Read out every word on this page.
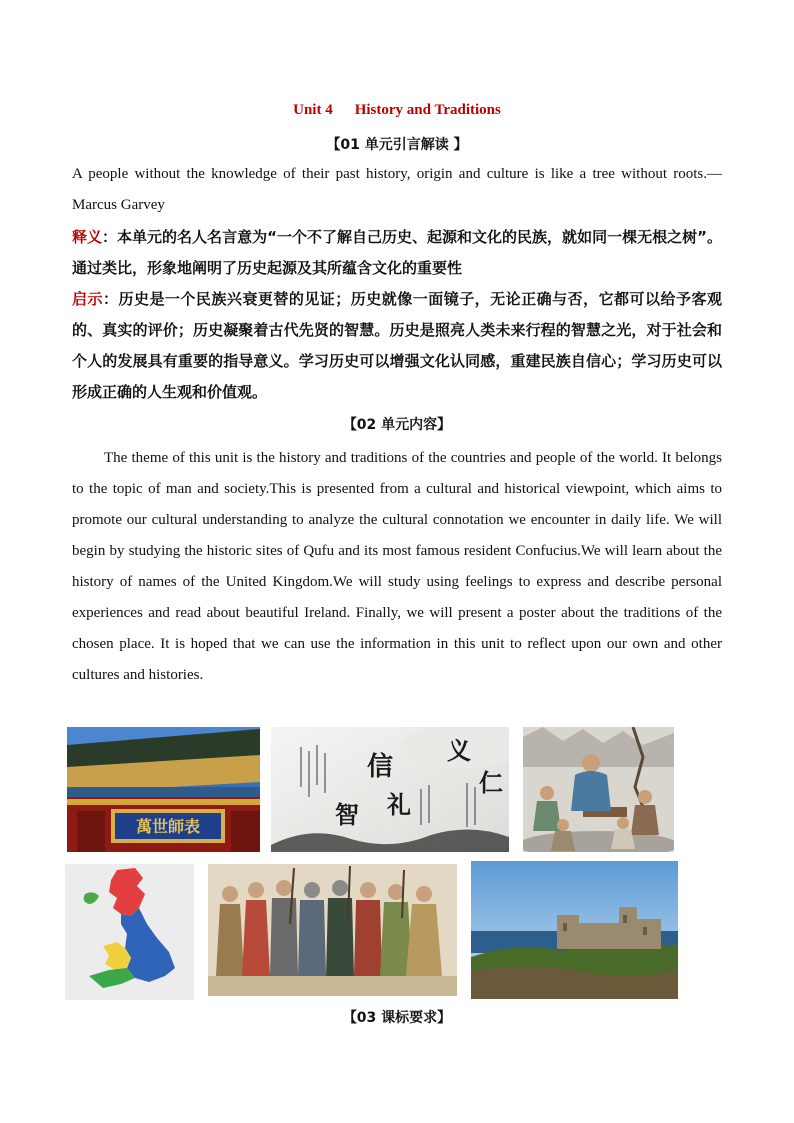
Unit 4 History and Traditions
【01 单元引言解读 】
A people without the knowledge of their past history, origin and culture is like a tree without roots.—Marcus Garvey
释义：本单元的名人名言意为“一个不了解自己历史、起源和文化的民族，就如同一棵无根之树”。通过类比，形象地阐明了历史起源及其所蕴含文化的重要性
启示：历史是一个民族兴衰更替的见证；历史就像一面镜子，无论正确与否，它都可以给予客观的、真实的评价；历史凝聚着古代先贤的智慧。历史是照亮人类未来行程的智慧之光，对于社会和个人的发展具有重要的指导意义。学习历史可以增强文化认同感，重建民族自信心；学习历史可以形成正确的人生观和价值观。
【02 单元内容】
The theme of this unit is the history and traditions of the countries and people of the world. It belongs to the topic of man and society.This is presented from a cultural and historical viewpoint, which aims to promote our cultural understanding to analyze the cultural connotation we encounter in daily life. We will begin by studying the historic sites of Qufu and its most famous resident Confucius.We will learn about the history of names of the United Kingdom.We will study using feelings to express and describe personal experiences and read about beautiful Ireland. Finally, we will present a poster about the traditions of the chosen place. It is hoped that we can use the information in this unit to reflect upon our own and other cultures and histories.
萬世師表
信
义
礼
仁
智
【03 课标要求】
